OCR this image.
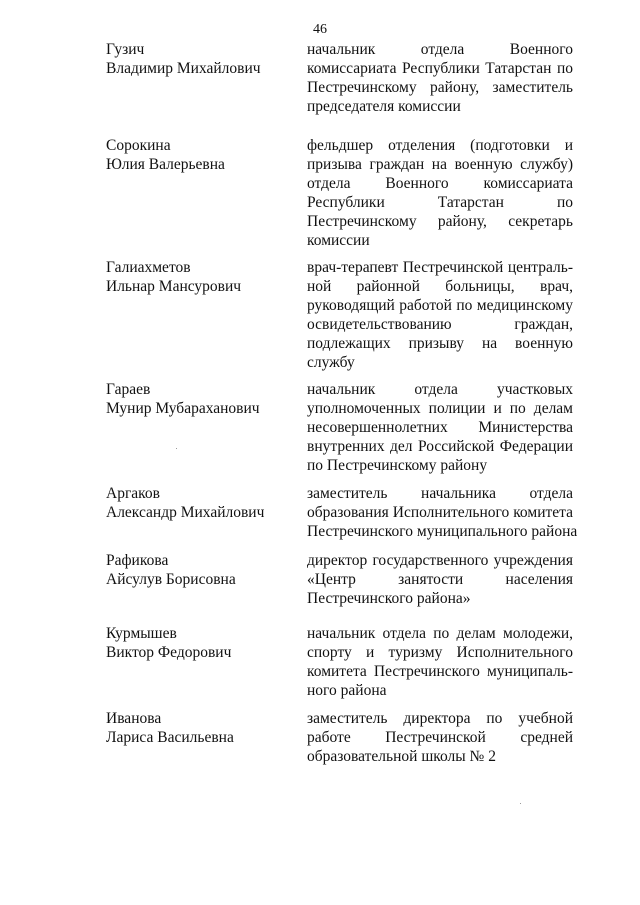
46
Гузич
Владимир Михайлович
начальник отдела Военного
комиссариата Республики Татарстан по
Пестречинскому району, заместитель
председателя комиссии
Сорокина
Юлия Валерьевна
фельдшер отделения (подготовки и
призыва граждан на военную службу)
отдела Военного комиссариата
Республики Татарстан по
Пестречинскому району, секретарь
комиссии
Галиахметов
Ильнар Мансурович
врач-терапевт Пестречинской централь-
ной районной больницы, врач,
руководящий работой по медицинскому
освидетельствованию граждан,
подлежащих призыву на военную
службу
Гараев
Мунир Мубараханович
начальник отдела участковых
уполномоченных полиции и по делам
несовершеннолетних Министерства
внутренних дел Российской Федерации
по Пестречинскому району
Аргаков
Александр Михайлович
заместитель начальника отдела
образования Исполнительного комитета
Пестречинского муниципального района
Рафикова
Айсулув Борисовна
директор государственного учреждения
«Центр занятости населения
Пестречинского района»
Курмышев
Виктор Федорович
начальник отдела по делам молодежи,
спорту и туризму Исполнительного
комитета Пестречинского муниципаль-
ного района
Иванова
Лариса Васильевна
заместитель директора по учебной
работе Пестречинской средней
образовательной школы № 2
